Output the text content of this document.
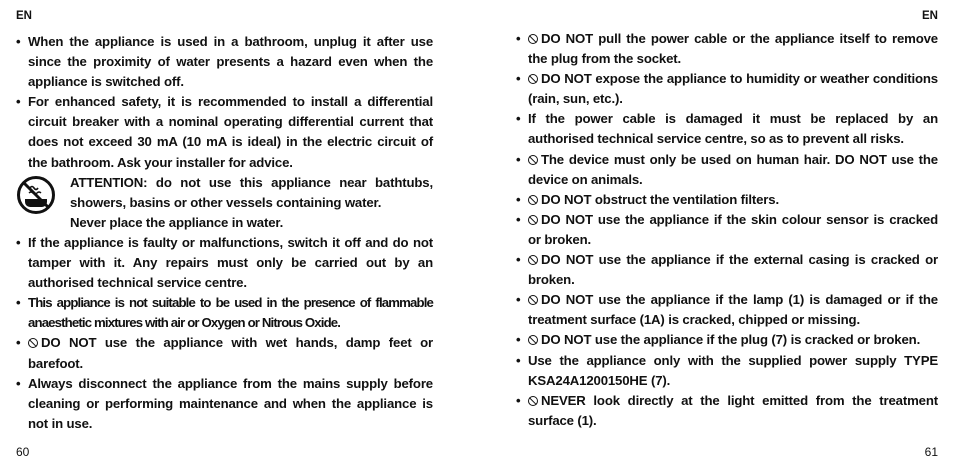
EN
• When the appliance is used in a bathroom, unplug it after use since the proximity of water presents a hazard even when the appliance is switched off.
• For enhanced safety, it is recommended to install a differential circuit breaker with a nominal operating differential current that does not exceed 30 mA (10 mA is ideal) in the electric circuit of the bathroom. Ask your installer for advice.
ATTENTION: do not use this appliance near bathtubs, showers, basins or other vessels containing water.
Never place the appliance in water.
• If the appliance is faulty or malfunctions, switch it off and do not tamper with it. Any repairs must only be carried out by an authorised technical service centre.
• This appliance is not suitable to be used in the presence of flammable anaesthetic mixtures with air or Oxygen or Nitrous Oxide.
• DO NOT use the appliance with wet hands, damp feet or barefoot.
• Always disconnect the appliance from the mains supply before cleaning or performing maintenance and when the appliance is not in use.
60
EN
• DO NOT pull the power cable or the appliance itself to remove the plug from the socket.
• DO NOT expose the appliance to humidity or weather conditions (rain, sun, etc.).
• If the power cable is damaged it must be replaced by an authorised technical service centre, so as to prevent all risks.
• The device must only be used on human hair. DO NOT use the device on animals.
• DO NOT obstruct the ventilation filters.
• DO NOT use the appliance if the skin colour sensor is cracked or broken.
• DO NOT use the appliance if the external casing is cracked or broken.
• DO NOT use the appliance if the lamp (1) is damaged or if the treatment surface (1A) is cracked, chipped or missing.
• DO NOT use the appliance if the plug (7) is cracked or broken.
• Use the appliance only with the supplied power supply TYPE KSA24A1200150HE (7).
• NEVER look directly at the light emitted from the treatment surface (1).
61
